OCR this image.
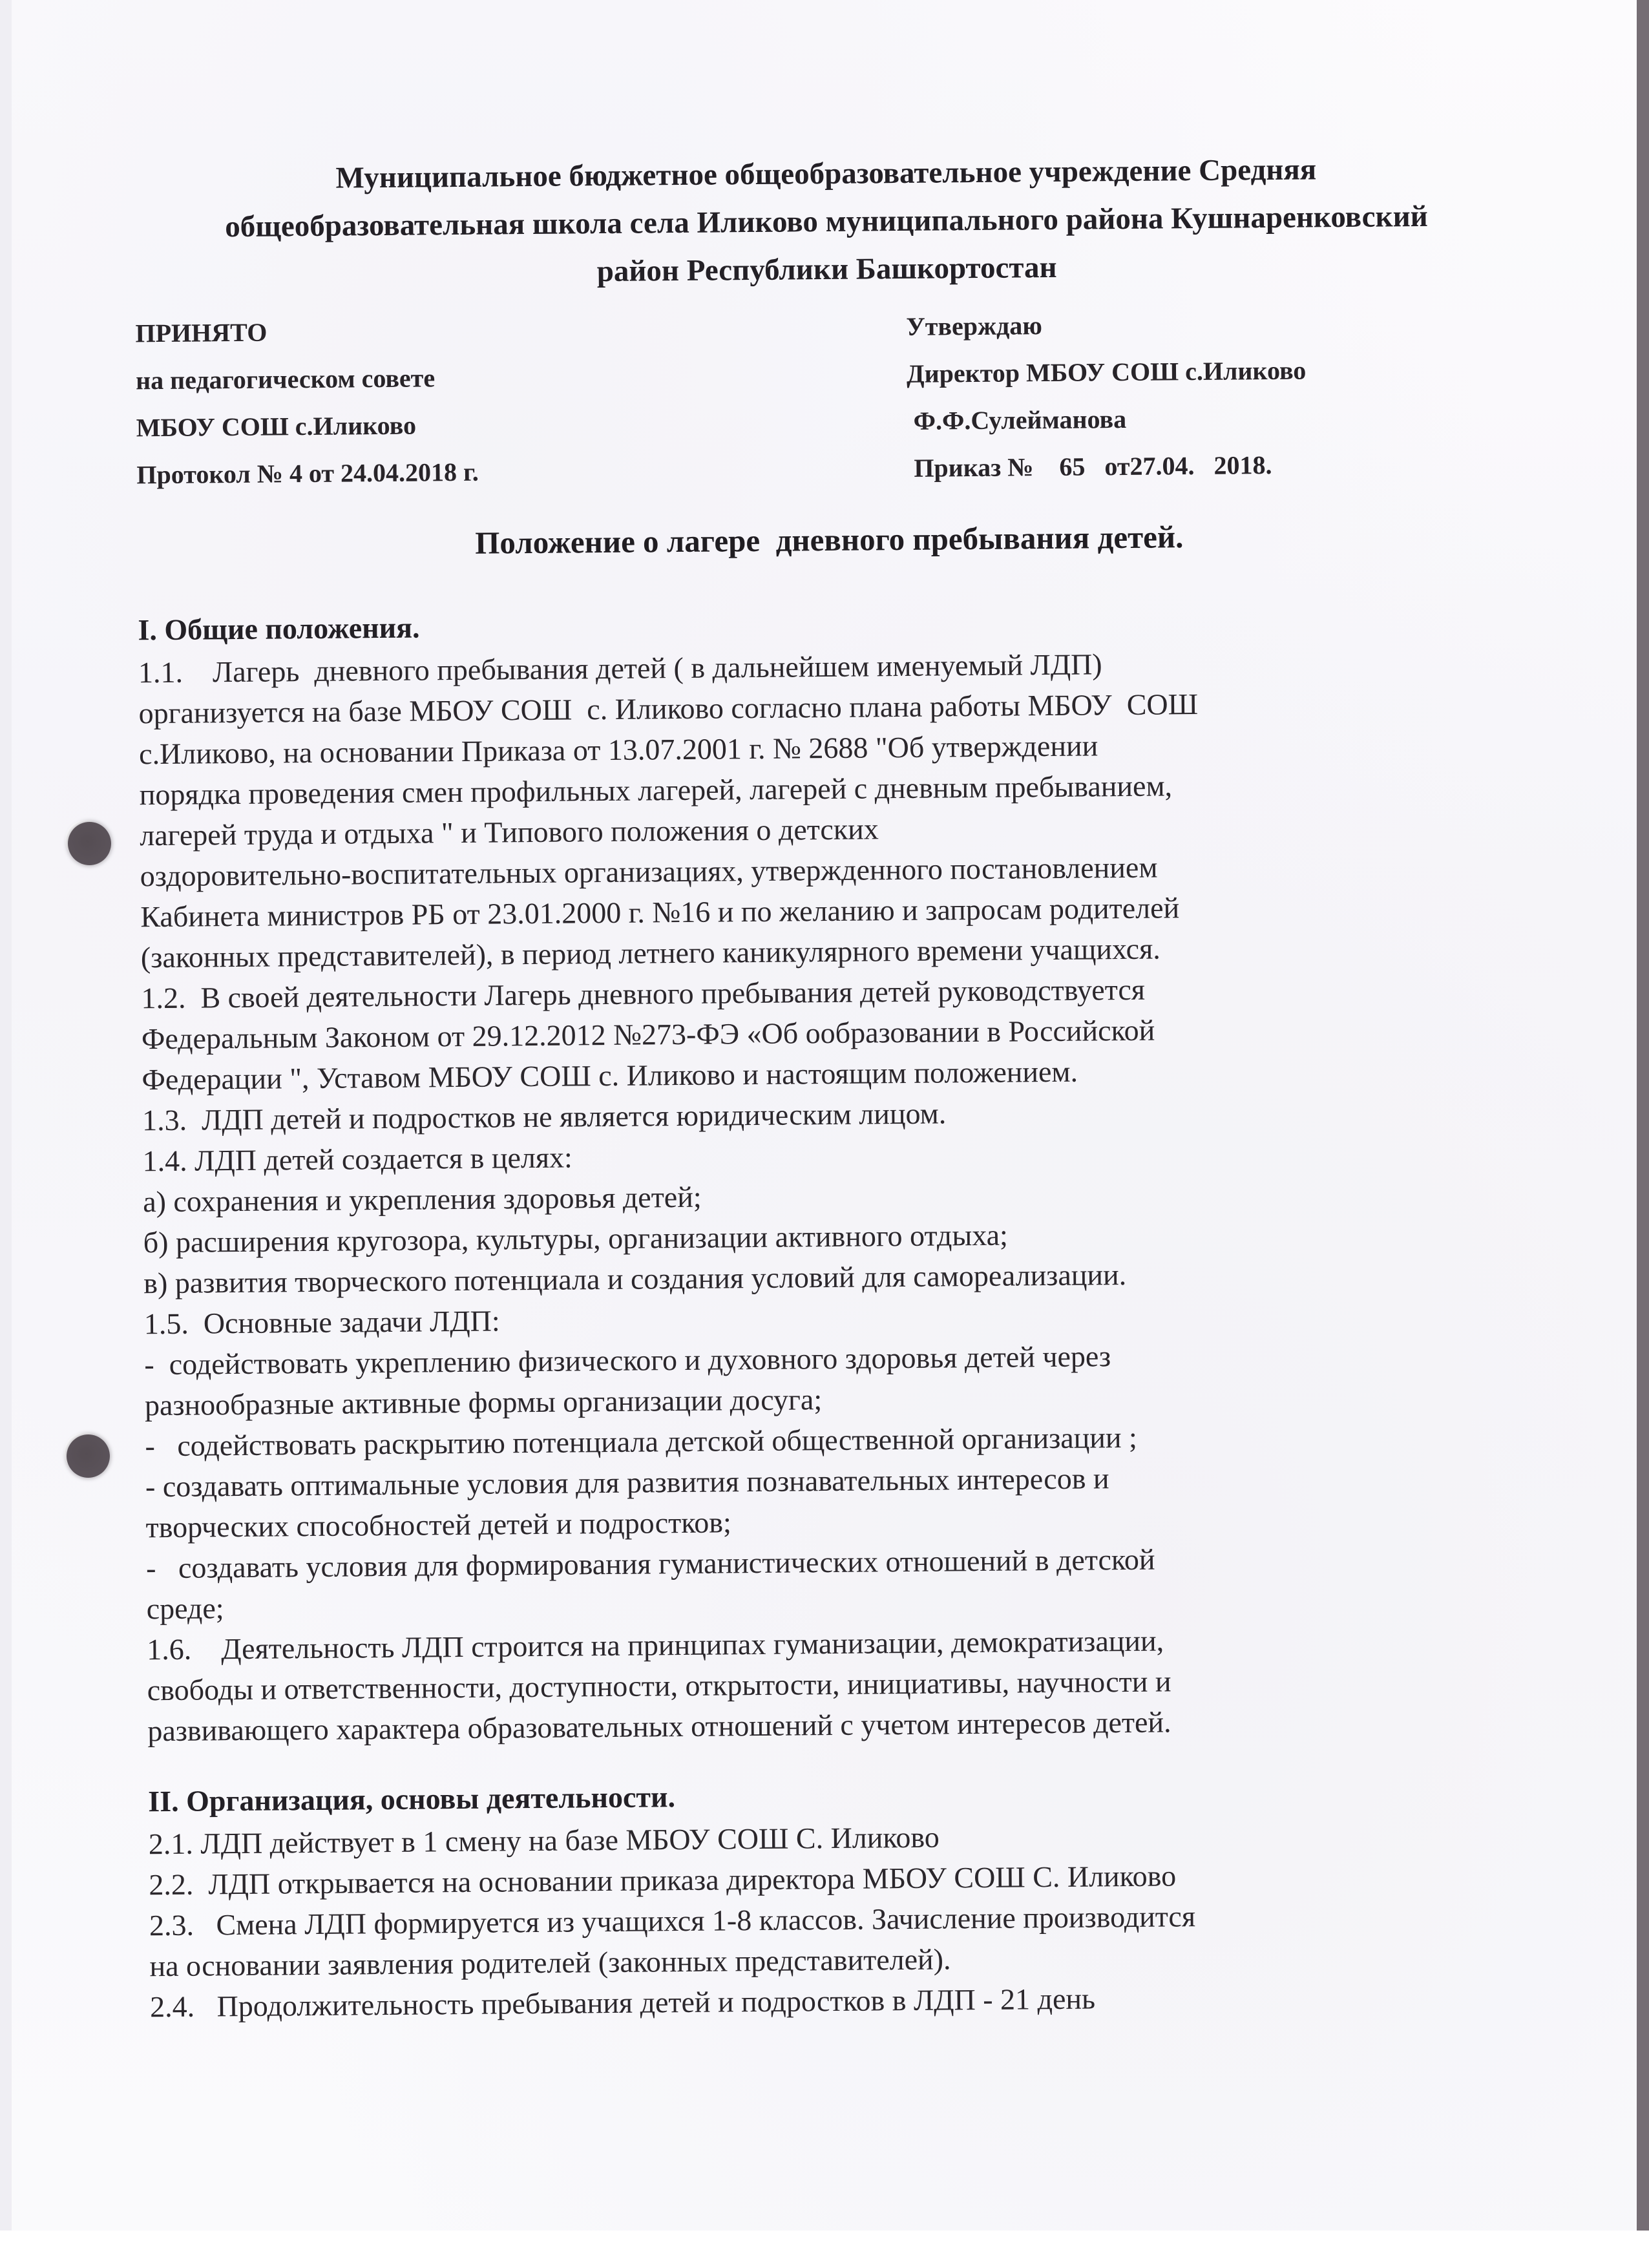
Муниципальное бюджетное общеобразовательное учреждение Средняя
общеобразовательная школа села Иликово муниципального района Кушнаренковский
район Республики Башкортостан
ПРИНЯТО
на педагогическом совете
МБОУ СОШ с.Иликово
Протокол № 4 от 24.04.2018 г.
Утверждаю
Директор МБОУ СОШ с.Иликово
Ф.Ф.Сулейманова
Приказ №    65   от27.04.   2018.
Положение о лагере  дневного пребывания детей.
I. Общие положения.

1.1.    Лагерь  дневного пребывания детей ( в дальнейшем именуемый ЛДП)
организуется на базе МБОУ СОШ  с. Иликово согласно плана работы МБОУ  СОШ
с.Иликово, на основании Приказа от 13.07.2001 г. № 2688 "Об утверждении
порядка проведения смен профильных лагерей, лагерей с дневным пребыванием,
лагерей труда и отдыха " и Типового положения о детских
оздоровительно-воспитательных организациях, утвержденного постановлением
Кабинета министров РБ от 23.01.2000 г. №16 и по желанию и запросам родителей
(законных представителей), в период летнего каникулярного времени учащихся.

1.2.  В своей деятельности Лагерь дневного пребывания детей руководствуется
Федеральным Законом от 29.12.2012 №273-ФЭ «Об ообразовании в Российской
Федерации ", Уставом МБОУ СОШ с. Иликово и настоящим положением.

1.3.  ЛДП детей и подростков не является юридическим лицом.

1.4. ЛДП детей создается в целях:

а) сохранения и укрепления здоровья детей;

б) расширения кругозора, культуры, организации активного отдыха;

в) развития творческого потенциала и создания условий для самореализации.

1.5.  Основные задачи ЛДП:

-  содействовать укреплению физического и духовного здоровья детей через
разнообразные активные формы организации досуга;

-   содействовать раскрытию потенциала детской общественной организации ;

- создавать оптимальные условия для развития познавательных интересов и
творческих способностей детей и подростков;

-   создавать условия для формирования гуманистических отношений в детской
среде;

1.6.    Деятельность ЛДП строится на принципах гуманизации, демократизации,
свободы и ответственности, доступности, открытости, инициативы, научности и
развивающего характера образовательных отношений с учетом интересов детей.

II. Организация, основы деятельности.

2.1. ЛДП действует в 1 смену на базе МБОУ СОШ С. Иликово

2.2.  ЛДП открывается на основании приказа директора МБОУ СОШ С. Иликово

2.3.   Смена ЛДП формируется из учащихся 1-8 классов. Зачисление производится
на основании заявления родителей (законных представителей).

2.4.   Продолжительность пребывания детей и подростков в ЛДП - 21 день
